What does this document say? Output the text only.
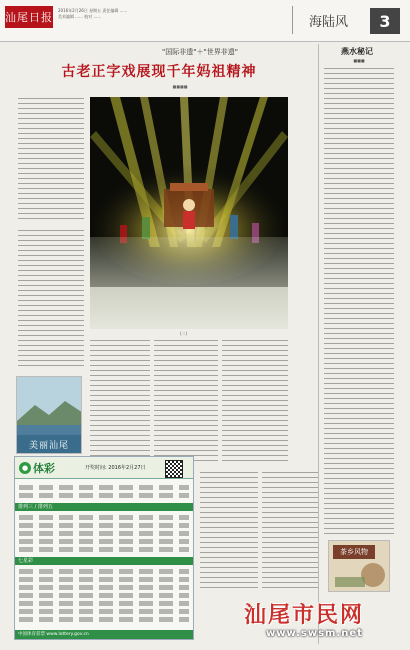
汕尾日报
2016年2月26日 星期五 责任编辑 ......
美术编辑 ...... 校对 ......	海陆风	3
"国际非遗"＋"世界非遗"
古老正字戏展现千年妈祖精神
■■■■
(二)
燕水秘记
■■■
美丽汕尾
● 体彩	开奖时间: 2016年2月27日
排列三 / 排列五
七星彩
中国体育彩票 www.lottery.gov.cn
茶乡风物
汕尾市民网
www.swsm.net
